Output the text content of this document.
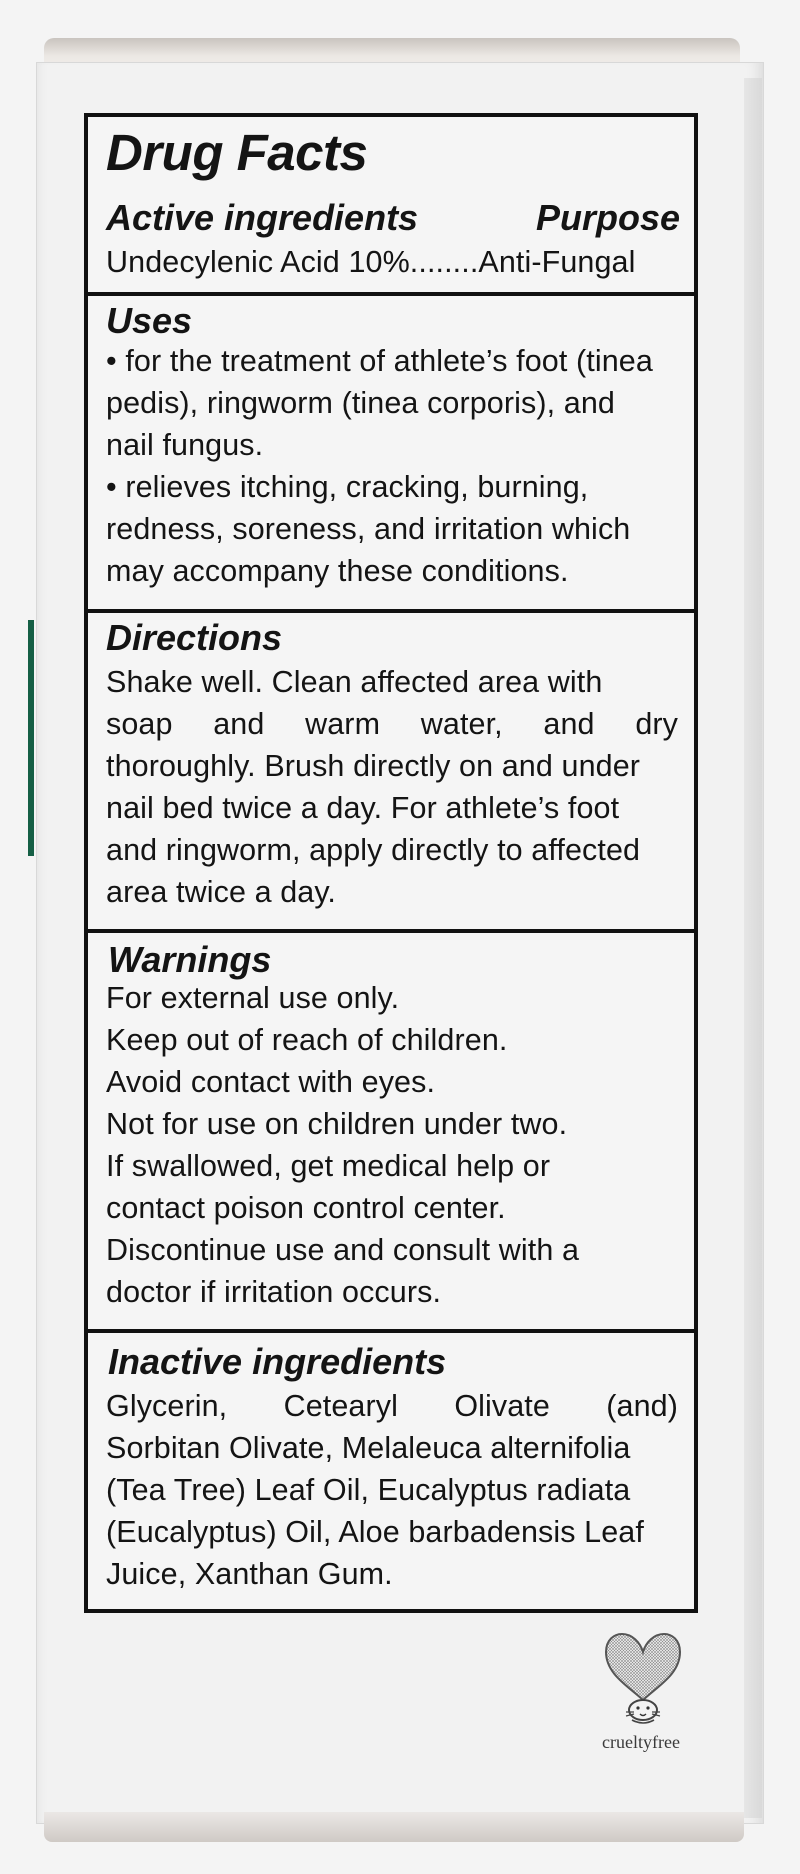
Drug Facts
Active ingredients	Purpose
Undecylenic Acid 10% ........ Anti-Fungal
Uses
• for the treatment of athlete’s foot (tinea
pedis), ringworm (tinea corporis), and
nail fungus.
• relieves itching, cracking, burning,
redness, soreness, and irritation which
may accompany these conditions.
Directions
Shake well. Clean affected area with
soap and warm water, and dry
thoroughly. Brush directly on and under
nail bed twice a day. For athlete’s foot
and ringworm, apply directly to affected
area twice a day.
Warnings
For external use only.
Keep out of reach of children.
Avoid contact with eyes.
Not for use on children under two.
If swallowed, get medical help or
contact poison control center.
Discontinue use and consult with a
doctor if irritation occurs.
Inactive ingredients
Glycerin, Cetearyl Olivate (and)
Sorbitan Olivate, Melaleuca alternifolia
(Tea Tree) Leaf Oil, Eucalyptus radiata
(Eucalyptus) Oil, Aloe barbadensis Leaf
Juice, Xanthan Gum.
crueltyfree
